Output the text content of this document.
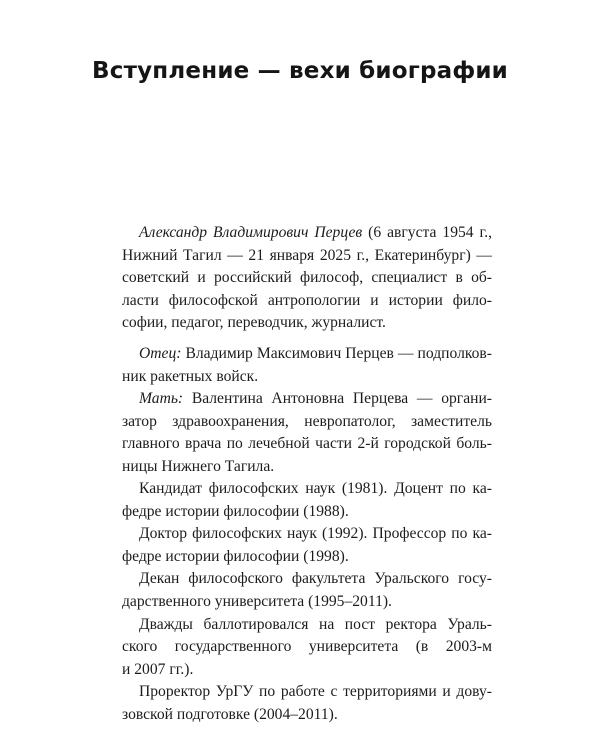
Вступление — вехи биографии
Александр Владимирович Перцев (6 августа 1954 г.,
Нижний Тагил — 21 января 2025 г., Екатеринбург) —
советский и российский философ, специалист в об-
ласти философской антропологии и истории фило-
софии, педагог, переводчик, журналист.
Отец: Владимир Максимович Перцев — подполков-
ник ракетных войск.
Мать: Валентина Антоновна Перцева — органи-
затор здравоохранения, невропатолог, заместитель
главного врача по лечебной части 2-й городской боль-
ницы Нижнего Тагила.
Кандидат философских наук (1981). Доцент по ка-
федре истории философии (1988).
Доктор философских наук (1992). Профессор по ка-
федре истории философии (1998).
Декан философского факультета Уральского госу-
дарственного университета (1995–2011).
Дважды баллотировался на пост ректора Ураль-
ского государственного университета (в 2003-м
и 2007 гг.).
Проректор УрГУ по работе с территориями и дову-
зовской подготовке (2004–2011).
